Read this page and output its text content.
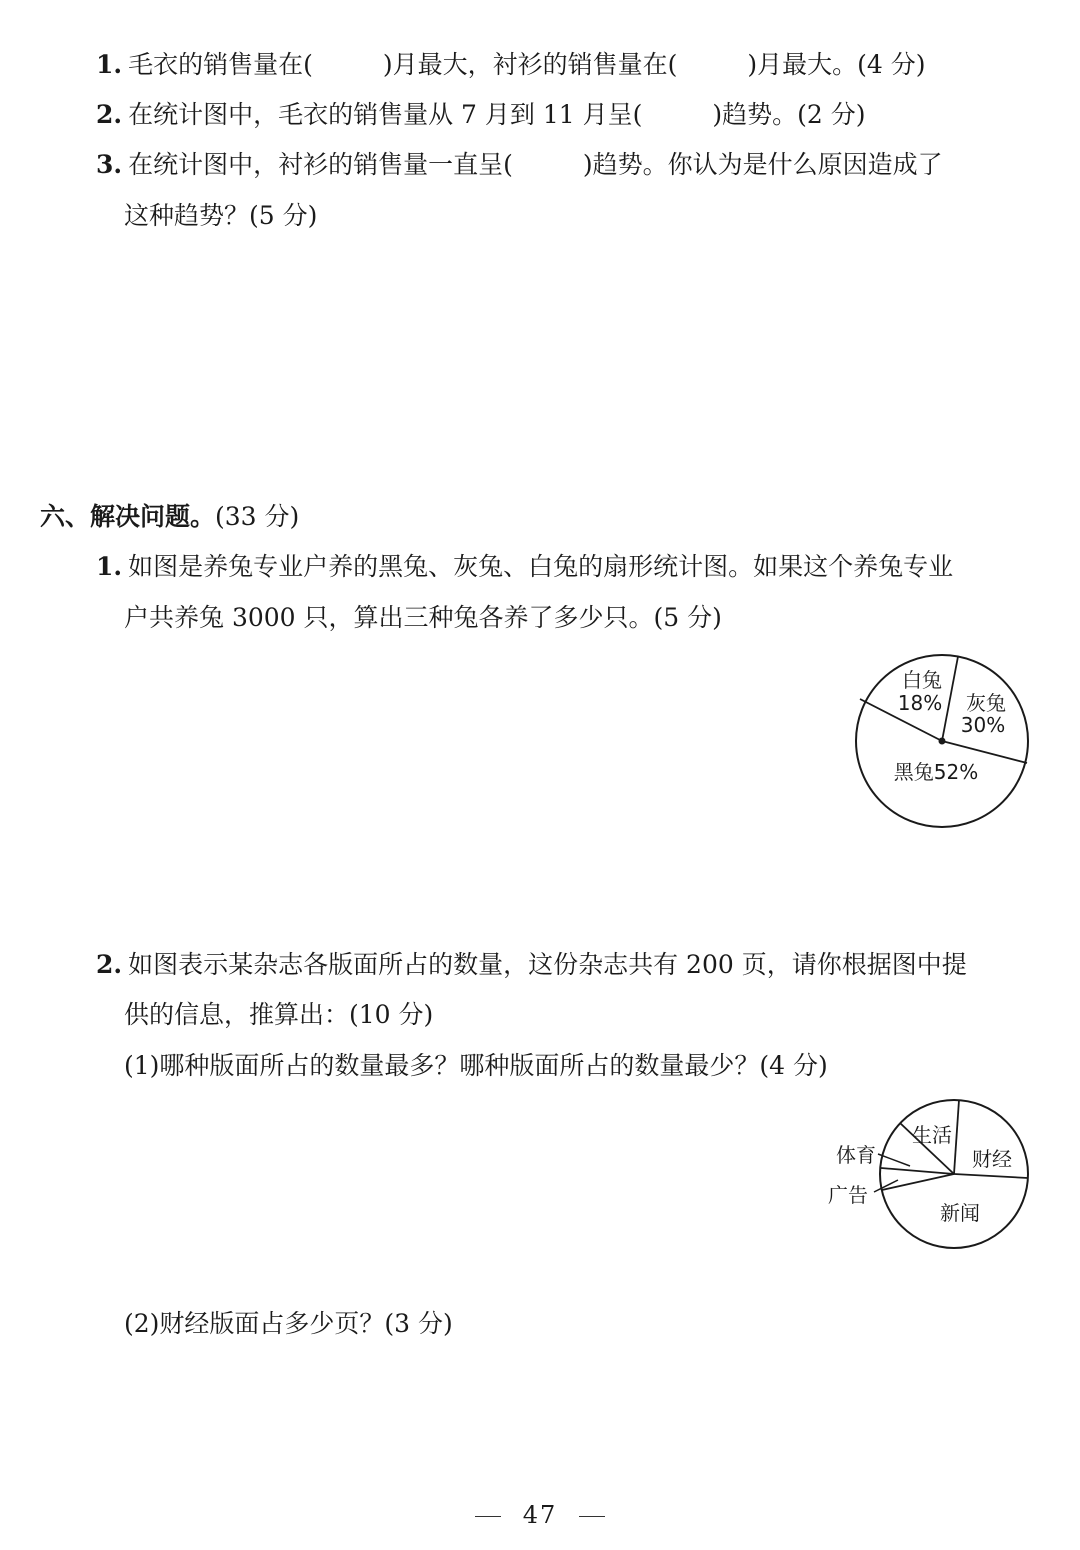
1. 毛衣的销售量在(	)月最大，衬衫的销售量在(	)月最大。(4 分)
2. 在统计图中，毛衣的销售量从 7 月到 11 月呈(	)趋势。(2 分)
3. 在统计图中，衬衫的销售量一直呈(	)趋势。你认为是什么原因造成了
这种趋势？(5 分)
六、解决问题。(33 分)
1. 如图是养兔专业户养的黑兔、灰兔、白兔的扇形统计图。如果这个养兔专业
户共养兔 3000 只，算出三种兔各养了多少只。(5 分)
白兔
18% 灰兔
30%
黑兔52%
2. 如图表示某杂志各版面所占的数量，这份杂志共有 200 页，请你根据图中提
供的信息，推算出：(10 分)
(1)哪种版面所占的数量最多？哪种版面所占的数量最少？(4 分)
生活
财经
新闻
广告
体育
(2)财经版面占多少页？(3 分)
47
